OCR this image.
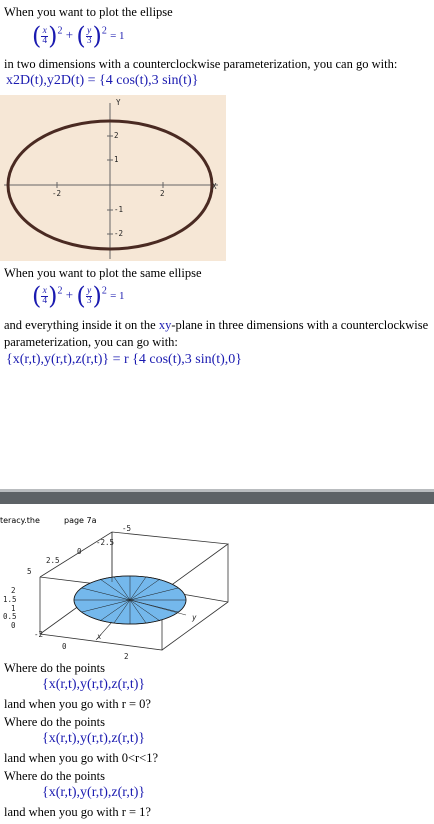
When you want to plot the ellipse
( $\frac{x}{4} )^2$ + ( $\frac{y}{3} )^2 = 1$
in two dimensions with a counterclockwise parameterization, you can go with:
x2D(t),y2D(t) = {4 cos(t),3 sin(t)}
Y
X
2
1
-1
-2
-2	2
When you want to plot the same ellipse
( $\frac{x}{4} )^2$ + ( $\frac{y}{3} )^2 = 1$
and everything inside it on the xy-plane in three dimensions with a counterclockwise
parameterization, you can go with:
{x(r,t),y(r,t),z(r,t)} = r {4 cos(t),3 sin(t),0}
teracy.the	page 7a
-2.5
-5
0
2.5
5
2
1.5
1
0.5
0
-2
0
2
x
y
Where do the points
{x(r,t),y(r,t),z(r,t)}
land when you go with r = 0?
Where do the points
{x(r,t),y(r,t),z(r,t)}
land when you go with 0<r<1?
Where do the points
{x(r,t),y(r,t),z(r,t)}
land when you go with r = 1?
